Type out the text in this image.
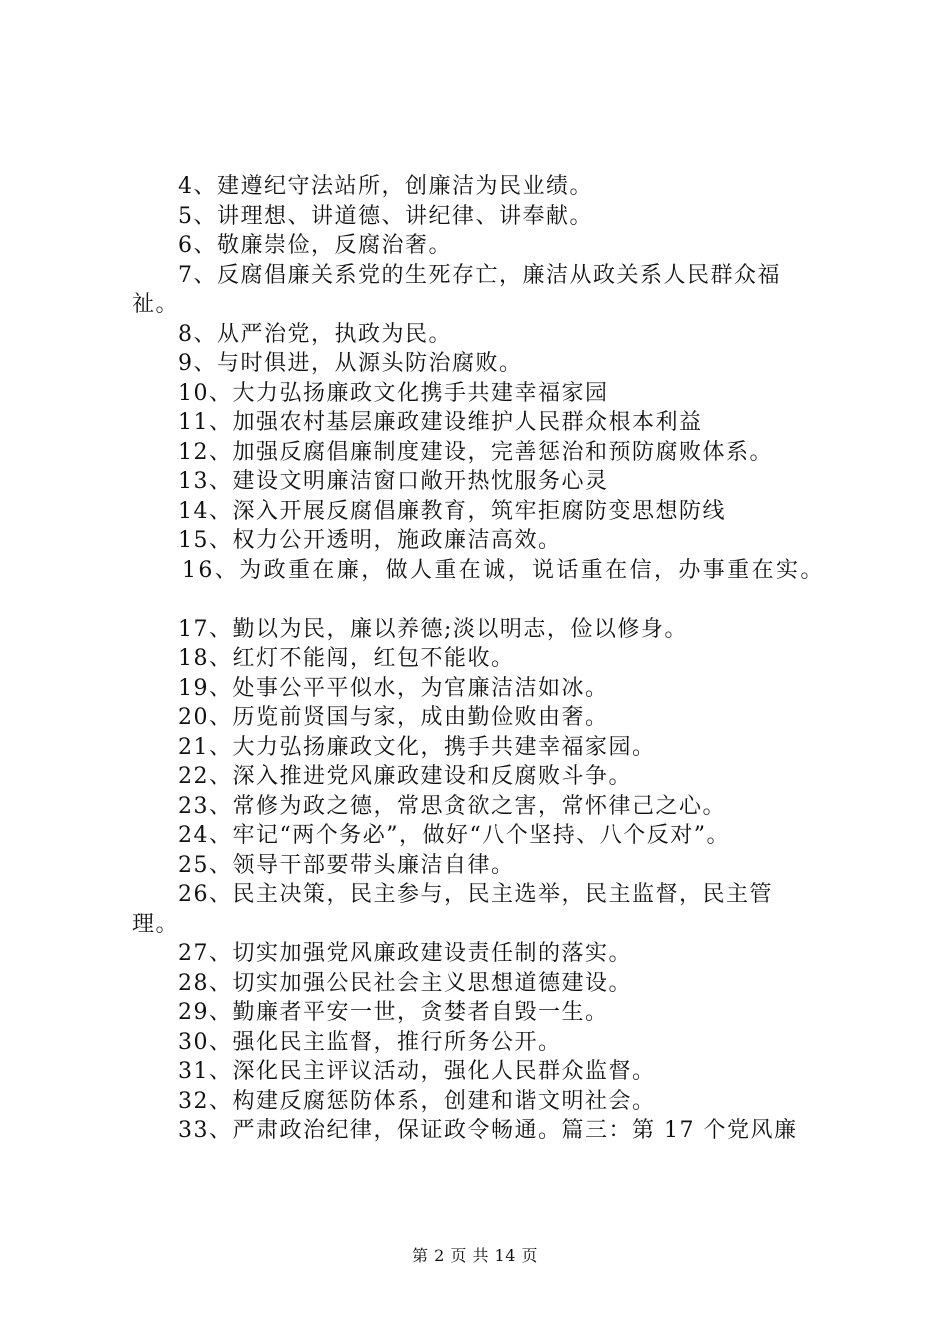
4、建遵纪守法站所，创廉洁为民业绩。
5、讲理想、讲道德、讲纪律、讲奉献。
6、敬廉崇俭，反腐治奢。
7、反腐倡廉关系党的生死存亡，廉洁从政关系人民群众福
祉。
8、从严治党，执政为民。
9、与时俱进，从源头防治腐败。
10、大力弘扬廉政文化携手共建幸福家园
11、加强农村基层廉政建设维护人民群众根本利益
12、加强反腐倡廉制度建设，完善惩治和预防腐败体系。
13、建设文明廉洁窗口敞开热忱服务心灵
14、深入开展反腐倡廉教育，筑牢拒腐防变思想防线
15、权力公开透明，施政廉洁高效。
16、为政重在廉，做人重在诚，说话重在信，办事重在实。
17、勤以为民，廉以养德;淡以明志，俭以修身。
18、红灯不能闯，红包不能收。
19、处事公平平似水，为官廉洁洁如冰。
20、历览前贤国与家，成由勤俭败由奢。
21、大力弘扬廉政文化，携手共建幸福家园。
22、深入推进党风廉政建设和反腐败斗争。
23、常修为政之德，常思贪欲之害，常怀律己之心。
24、牢记“两个务必”，做好“八个坚持、八个反对”。
25、领导干部要带头廉洁自律。
26、民主决策，民主参与，民主选举，民主监督，民主管
理。
27、切实加强党风廉政建设责任制的落实。
28、切实加强公民社会主义思想道德建设。
29、勤廉者平安一世，贪婪者自毁一生。
30、强化民主监督，推行所务公开。
31、深化民主评议活动，强化人民群众监督。
32、构建反腐惩防体系，创建和谐文明社会。
33、严肃政治纪律，保证政令畅通。篇三：第 17 个党风廉
第 2 页 共 14 页
